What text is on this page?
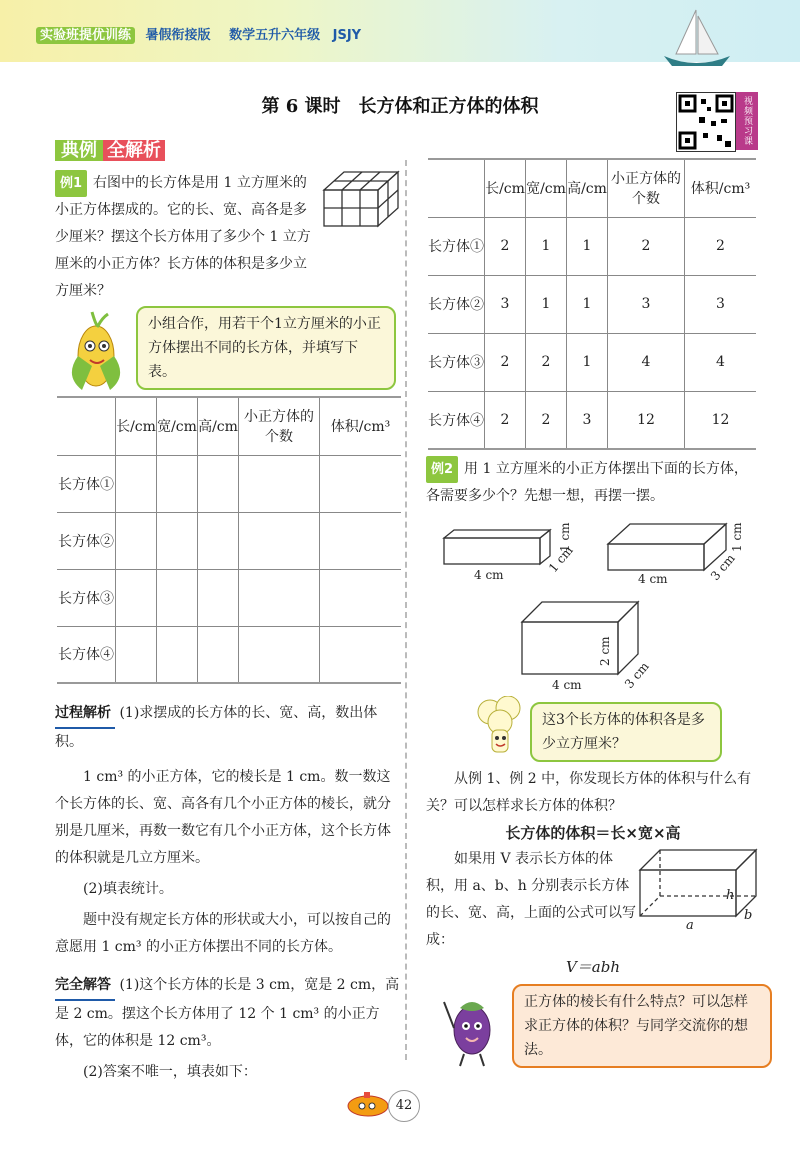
实验班提优训练 暑假衔接版 数学五升六年级 JSJY
第 6 课时　长方体和正方体的体积	视频预习课
典例 全解析
例1 右图中的长方体是用 1 立方厘米的小正方体摆成的。它的长、宽、高各是多少厘米？摆这个长方体用了多少个 1 立方厘米的小正方体？长方体的体积是多少立方厘米？
小组合作，用若干个1立方厘米的小正方体摆出不同的长方体，并填写下表。
	长/cm	宽/cm	高/cm	小正方体的个数	体积/cm³
长方体①					
长方体②					
长方体③					
长方体④					
过程解析 (1)求摆成的长方体的长、宽、高，数出体积。
1 cm³ 的小正方体，它的棱长是 1 cm。数一数这个长方体的长、宽、高各有几个小正方体的棱长，就分别是几厘米，再数一数它有几个小正方体，这个长方体的体积就是几立方厘米。
(2)填表统计。
题中没有规定长方体的形状或大小，可以按自己的意愿用 1 cm³ 的小正方体摆出不同的长方体。
完全解答 (1)这个长方体的长是 3 cm，宽是 2 cm，高是 2 cm。摆这个长方体用了 12 个 1 cm³ 的小正方体，它的体积是 12 cm³。
(2)答案不唯一，填表如下：
	长/cm	宽/cm	高/cm	小正方体的个数	体积/cm³
长方体①	2	1	1	2	2
长方体②	3	1	1	3	3
长方体③	2	2	1	4	4
长方体④	2	2	3	12	12
例2 用 1 立方厘米的小正方体摆出下面的长方体，各需要多少个？先想一想，再摆一摆。
4 cm
1 cm
1 cm
4 cm	3 cm
1 cm
4 cm	3 cm
2 cm
这3个长方体的体积各是多少立方厘米？
从例 1、例 2 中，你发现长方体的体积与什么有关？可以怎样求长方体的体积？
长方体的体积＝长×宽×高
如果用 V 表示长方体的体积，用 a、b、h 分别表示长方体的长、宽、高，上面的公式可以写成：
a
b
h
V＝abh
正方体的棱长有什么特点？可以怎样求正方体的体积？与同学交流你的想法。
42
